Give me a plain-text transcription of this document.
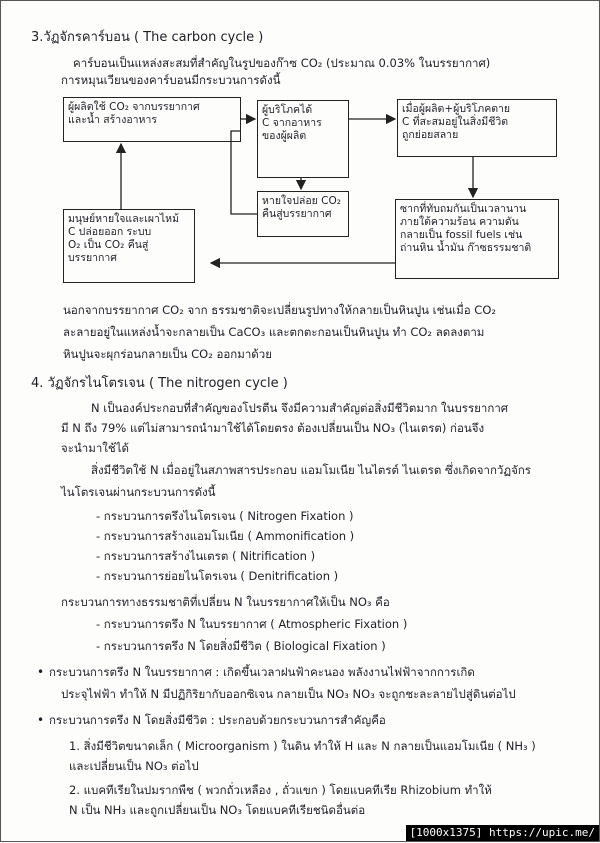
3.วัฏจักรคาร์บอน ( The carbon cycle )
คาร์บอนเป็นแหล่งสะสมที่สำคัญในรูปของก๊าซ CO₂ (ประมาณ 0.03% ในบรรยากาศ)
การหมุนเวียนของคาร์บอนมีกระบวนการดังนี้
ผู้ผลิตใช้ CO₂ จากบรรยากาศ
และน้ำ สร้างอาหาร
ผู้บริโภคได้
C จากอาหาร
ของผู้ผลิต
เมื่อผู้ผลิต+ผู้บริโภคตาย
C ที่สะสมอยู่ในสิ่งมีชีวิต
ถูกย่อยสลาย
หายใจปล่อย CO₂
คืนสู่บรรยากาศ	ซากที่ทับถมกันเป็นเวลานาน
ภายใต้ความร้อน ความดัน
กลายเป็น fossil fuels เช่น
ถ่านหิน น้ำมัน ก๊าซธรรมชาติ
มนุษย์หายใจและเผาไหม้
C ปล่อยออก ระบบ
O₂ เป็น CO₂ คืนสู่
บรรยากาศ
นอกจากบรรยากาศ CO₂ จาก ธรรมชาติจะเปลี่ยนรูปทางให้กลายเป็นหินปูน เช่นเมื่อ CO₂
ละลายอยู่ในแหล่งน้ำจะกลายเป็น CaCO₃ และตกตะกอนเป็นหินปูน ทำ CO₂ ลดลงตาม
หินปูนจะผุกร่อนกลายเป็น CO₂ ออกมาด้วย
4. วัฏจักรไนโตรเจน ( The nitrogen cycle )
N เป็นองค์ประกอบที่สำคัญของโปรตีน จึงมีความสำคัญต่อสิ่งมีชีวิตมาก ในบรรยากาศ
มี N ถึง 79% แต่ไม่สามารถนำมาใช้ได้โดยตรง ต้องเปลี่ยนเป็น NO₃ (ไนเตรต) ก่อนจึง
จะนำมาใช้ได้
สิ่งมีชีวิตใช้ N เมื่ออยู่ในสภาพสารประกอบ แอมโมเนีย ไนไตรต์ ไนเตรต ซึ่งเกิดจากวัฏจักร
ไนโตรเจนผ่านกระบวนการดังนี้
- กระบวนการตรึงไนโตรเจน ( Nitrogen Fixation )
- กระบวนการสร้างแอมโมเนีย ( Ammonification )
- กระบวนการสร้างไนเตรต ( Nitrification )
- กระบวนการย่อยไนโตรเจน ( Denitrification )
กระบวนการทางธรรมชาติที่เปลี่ยน N ในบรรยากาศให้เป็น NO₃ คือ
- กระบวนการตรึง N ในบรรยากาศ ( Atmospheric Fixation )
- กระบวนการตรึง N โดยสิ่งมีชีวิต ( Biological Fixation )
• กระบวนการตรึง N ในบรรยากาศ : เกิดขึ้นเวลาฝนฟ้าคะนอง พลังงานไฟฟ้าจากการเกิด
ประจุไฟฟ้า ทำให้ N มีปฏิกิริยากับออกซิเจน กลายเป็น NO₃ NO₃ จะถูกชะละลายไปสู่ดินต่อไป
• กระบวนการตรึง N โดยสิ่งมีชีวิต : ประกอบด้วยกระบวนการสำคัญคือ
1. สิ่งมีชีวิตขนาดเล็ก ( Microorganism ) ในดิน ทำให้ H และ N กลายเป็นแอมโมเนีย ( NH₃ )
และเปลี่ยนเป็น NO₃ ต่อไป
2. แบคทีเรียในปมรากพืช ( พวกถั่วเหลือง , ถั่วแขก ) โดยแบคทีเรีย Rhizobium ทำให้
N เป็น NH₃ และถูกเปลี่ยนเป็น NO₃ โดยแบคทีเรียชนิดอื่นต่อ
[1000x1375] https://upic.me/
